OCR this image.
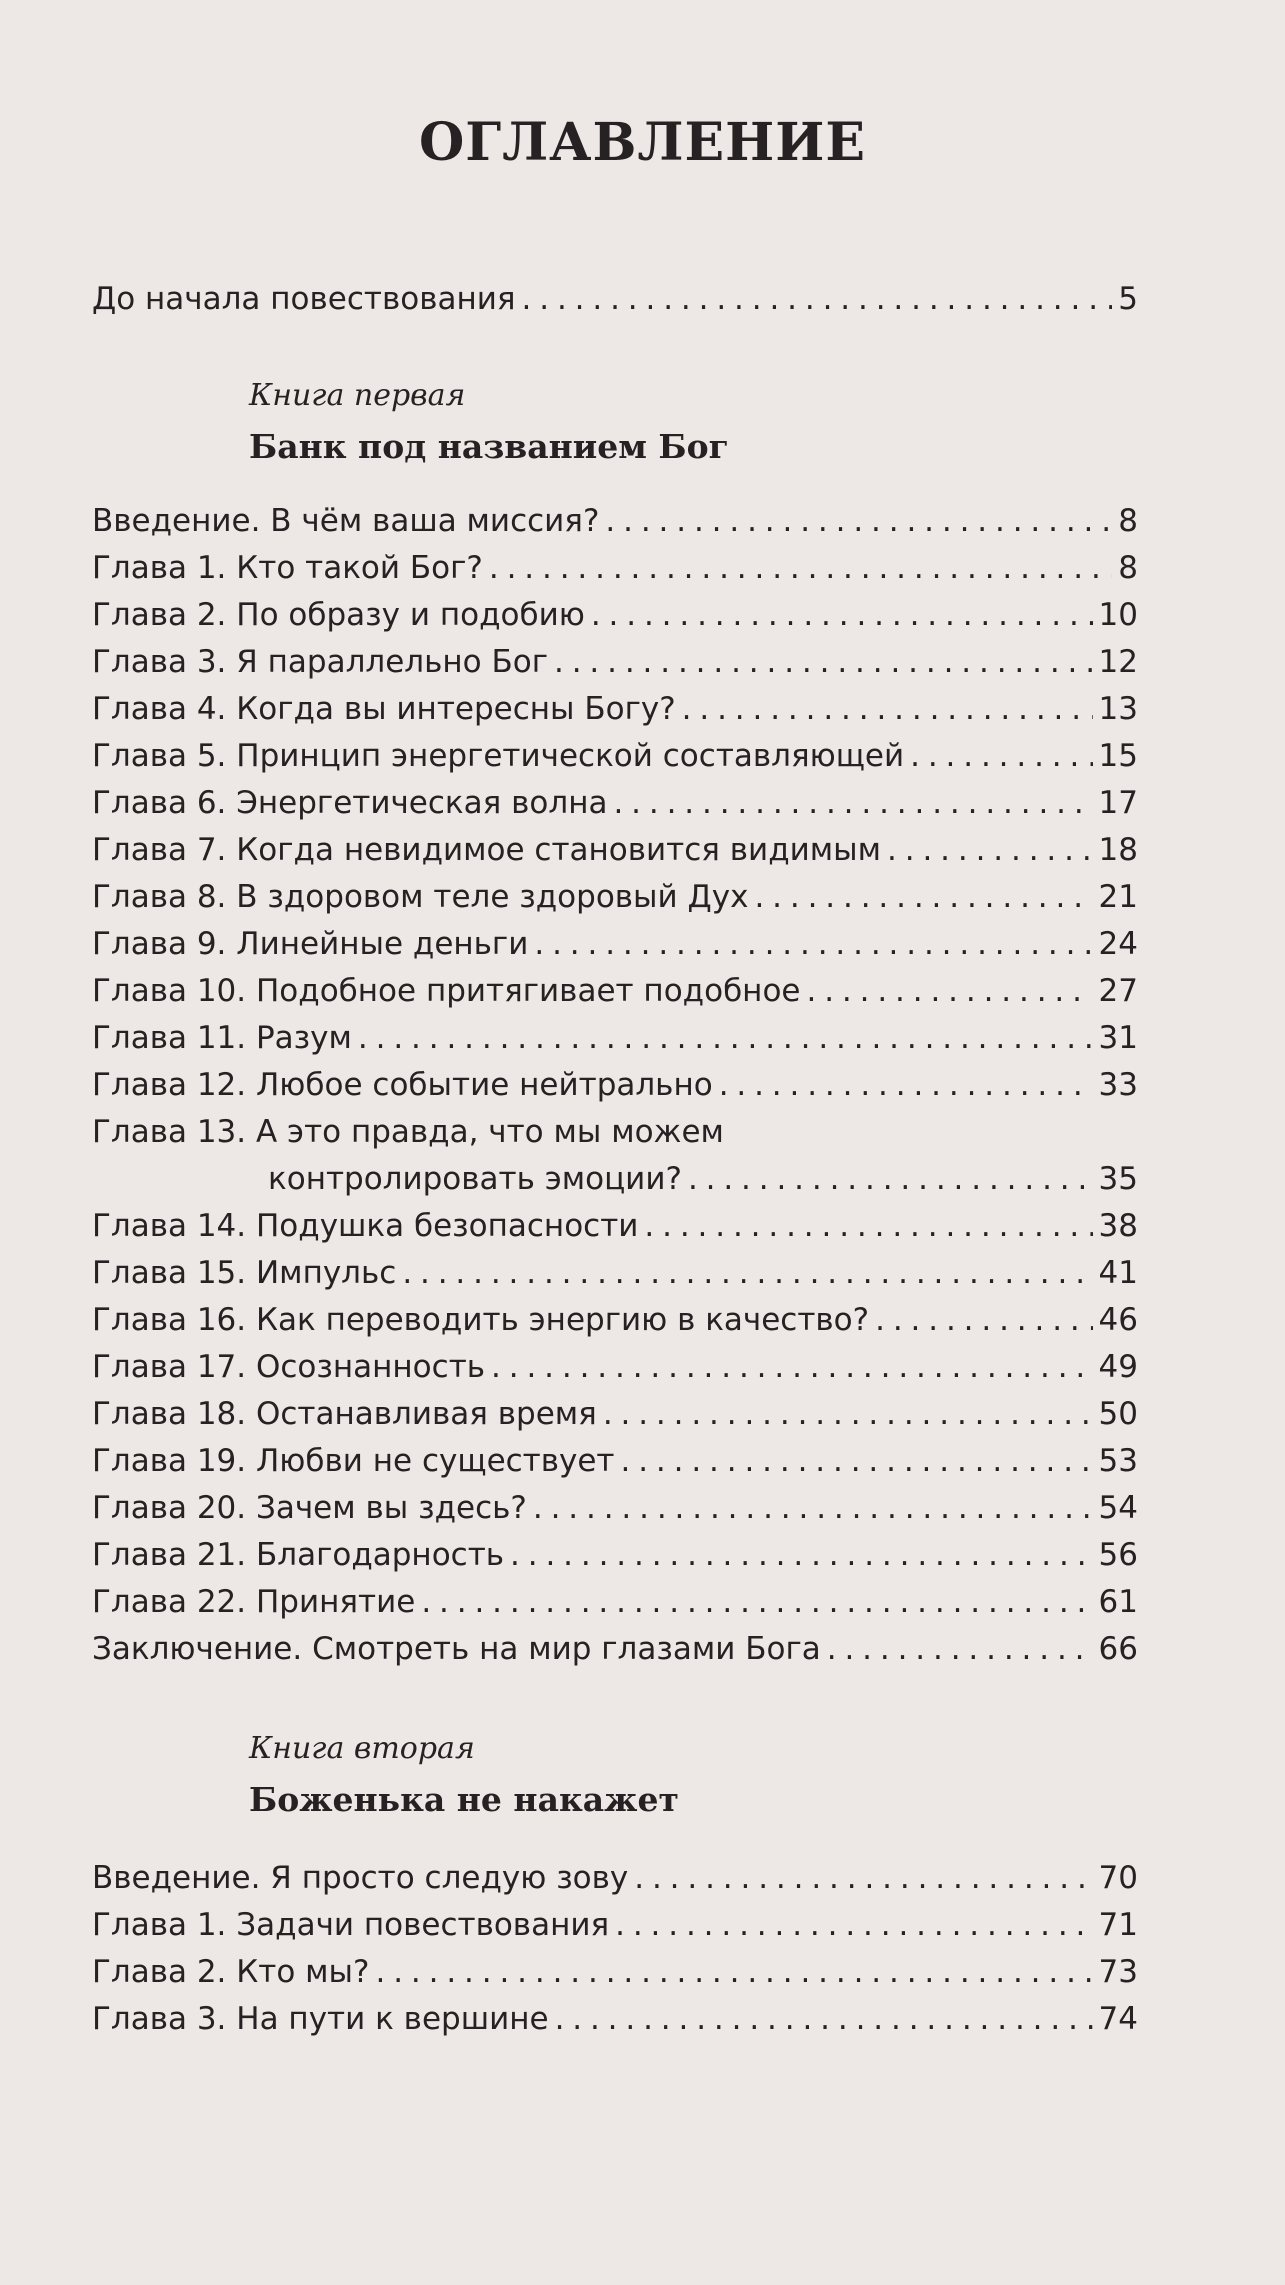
ОГЛАВЛЕНИЕ
До начала повествования . . .	5
Книга первая
Банк под названием Бог
Введение. В чём ваша миссия? . . .	8
Глава 1. Кто такой Бог? . . .	8
Глава 2. По образу и подобию . . .	10
Глава 3. Я параллельно Бог . . .	12
Глава 4. Когда вы интересны Богу? . . .	13
Глава 5. Принцип энергетической составляющей . . .	15
Глава 6. Энергетическая волна . . .	17
Глава 7. Когда невидимое становится видимым . . .	18
Глава 8. В здоровом теле здоровый Дух . . .	21
Глава 9. Линейные деньги . . .	24
Глава 10. Подобное притягивает подобное . . .	27
Глава 11. Разум . . .	31
Глава 12. Любое событие нейтрально . . .	33
Глава 13. А это правда, что мы можем
контролировать эмоции? . . .	35
Глава 14. Подушка безопасности . . .	38
Глава 15. Импульс . . .	41
Глава 16. Как переводить энергию в качество? . . .	46
Глава 17. Осознанность . . .	49
Глава 18. Останавливая время . . .	50
Глава 19. Любви не существует . . .	53
Глава 20. Зачем вы здесь? . . .	54
Глава 21. Благодарность . . .	56
Глава 22. Принятие . . .	61
Заключение. Смотреть на мир глазами Бога . . .	66
Книга вторая
Боженька не накажет
Введение. Я просто следую зову . . .	70
Глава 1. Задачи повествования . . .	71
Глава 2. Кто мы? . . .	73
Глава 3. На пути к вершине . . .	74
